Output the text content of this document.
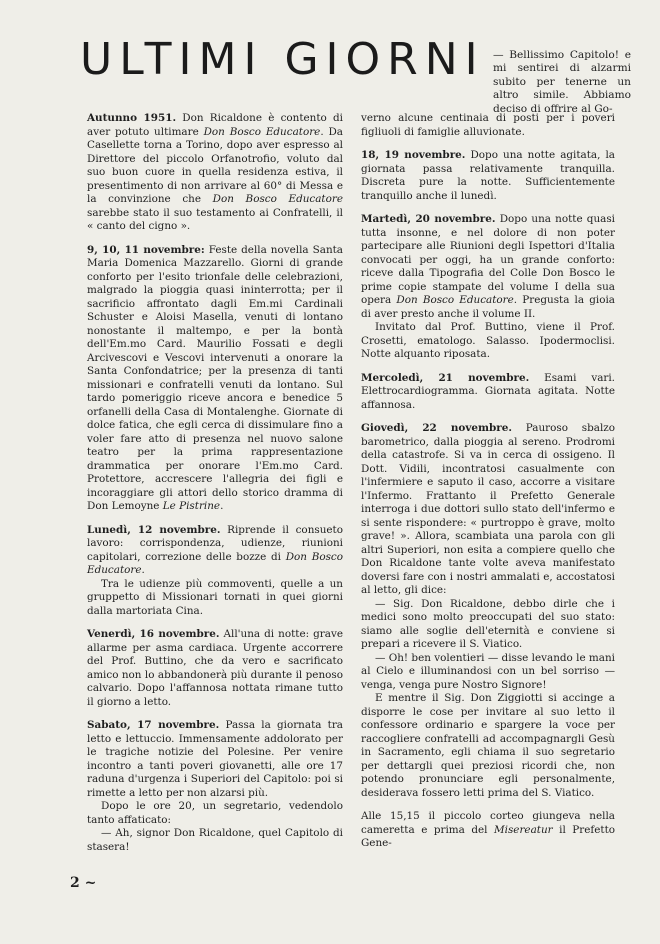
ULTIMI GIORNI — Bellissimo Capitolo! e mi sentirei di alzarmi subito per tenerne un altro simile. Abbiamo deciso di offrire al Go-

Autunno 1951. Don Ricaldone è contento di aver potuto ultimare Don Bosco Educatore. Da Casellette torna a Torino, dopo aver espresso al Direttore del piccolo Orfanotrofio, voluto dal suo buon cuore in quella residenza estiva, il presentimento di non arrivare al 60° di Messa e la convinzione che Don Bosco Educatore sarebbe stato il suo testamento ai Confratelli, il « canto del cigno ».

9, 10, 11 novembre: Feste della novella Santa Maria Domenica Mazzarello. Giorni di grande conforto per l'esito trionfale delle celebrazioni, malgrado la pioggia quasi ininterrotta; per il sacrificio affrontato dagli Em.mi Cardinali Schuster e Aloisi Masella, venuti di lontano nonostante il maltempo, e per la bontà dell'Em.mo Card. Maurilio Fossati e degli Arcivescovi e Vescovi intervenuti a onorare la Santa Confondatrice; per la presenza di tanti missionari e confratelli venuti da lontano. Sul tardo pomeriggio riceve ancora e benedice 5 orfanelli della Casa di Montalenghe. Giornate di dolce fatica, che egli cerca di dissimulare fino a voler fare atto di presenza nel nuovo salone teatro per la prima rappresentazione drammatica per onorare l'Em.mo Card. Protettore, accrescere l'allegria dei figli e incoraggiare gli attori dello storico dramma di Don Lemoyne Le Pistrine.

Lunedì, 12 novembre. Riprende il consueto lavoro: corrispondenza, udienze, riunioni capitolari, correzione delle bozze di Don Bosco Educatore.

Tra le udienze più commoventi, quelle a un gruppetto di Missionari tornati in quei giorni dalla martoriata Cina.

Venerdì, 16 novembre. All'una di notte: grave allarme per asma cardiaca. Urgente accorrere del Prof. Buttino, che da vero e sacrificato amico non lo abbandonerà più durante il penoso calvario. Dopo l'affannosa nottata rimane tutto il giorno a letto.

Sabato, 17 novembre. Passa la giornata tra letto e lettuccio. Immensamente addolorato per le tragiche notizie del Polesine. Per venire incontro a tanti poveri giovanetti, alle ore 17 raduna d'urgenza i Superiori del Capitolo: poi si rimette a letto per non alzarsi più.

Dopo le ore 20, un segretario, vedendolo tanto affaticato:

— Ah, signor Don Ricaldone, quel Capitolo di stasera!

verno alcune centinaia di posti per i poveri figliuoli di famiglie alluvionate.

18, 19 novembre. Dopo una notte agitata, la giornata passa relativamente tranquilla. Discreta pure la notte. Sufficientemente tranquillo anche il lunedì.

Martedì, 20 novembre. Dopo una notte quasi tutta insonne, e nel dolore di non poter partecipare alle Riunioni degli Ispettori d'Italia convocati per oggi, ha un grande conforto: riceve dalla Tipografia del Colle Don Bosco le prime copie stampate del volume I della sua opera Don Bosco Educatore. Pregusta la gioia di aver presto anche il volume II.

Invitato dal Prof. Buttino, viene il Prof. Crosetti, ematologo. Salasso. Ipodermoclisi. Notte alquanto riposata.

Mercoledì, 21 novembre. Esami vari. Elettrocardiogramma. Giornata agitata. Notte affannosa.

Giovedì, 22 novembre. Pauroso sbalzo barometrico, dalla pioggia al sereno. Prodromi della catastrofe. Si va in cerca di ossigeno. Il Dott. Vidili, incontratosi casualmente con l'infermiere e saputo il caso, accorre a visitare l'Infermo. Frattanto il Prefetto Generale interroga i due dottori sullo stato dell'infermo e si sente rispondere: « purtroppo è grave, molto grave! ». Allora, scambiata una parola con gli altri Superiori, non esita a compiere quello che Don Ricaldone tante volte aveva manifestato doversi fare con i nostri ammalati e, accostatosi al letto, gli dice:

— Sig. Don Ricaldone, debbo dirle che i medici sono molto preoccupati del suo stato: siamo alle soglie dell'eternità e conviene si prepari a ricevere il S. Viatico.

— Oh! ben volentieri — disse levando le mani al Cielo e illuminandosi con un bel sorriso — venga, venga pure Nostro Signore!

E mentre il Sig. Don Ziggiotti si accinge a disporre le cose per invitare al suo letto il confessore ordinario e spargere la voce per raccogliere confratelli ad accompagnargli Gesù in Sacramento, egli chiama il suo segretario per dettargli quei preziosi ricordi che, non potendo pronunciare egli personalmente, desiderava fossero letti prima del S. Viatico.

Alle 15,15 il piccolo corteo giungeva nella cameretta e prima del Misereatur il Prefetto Gene-

2 ~
